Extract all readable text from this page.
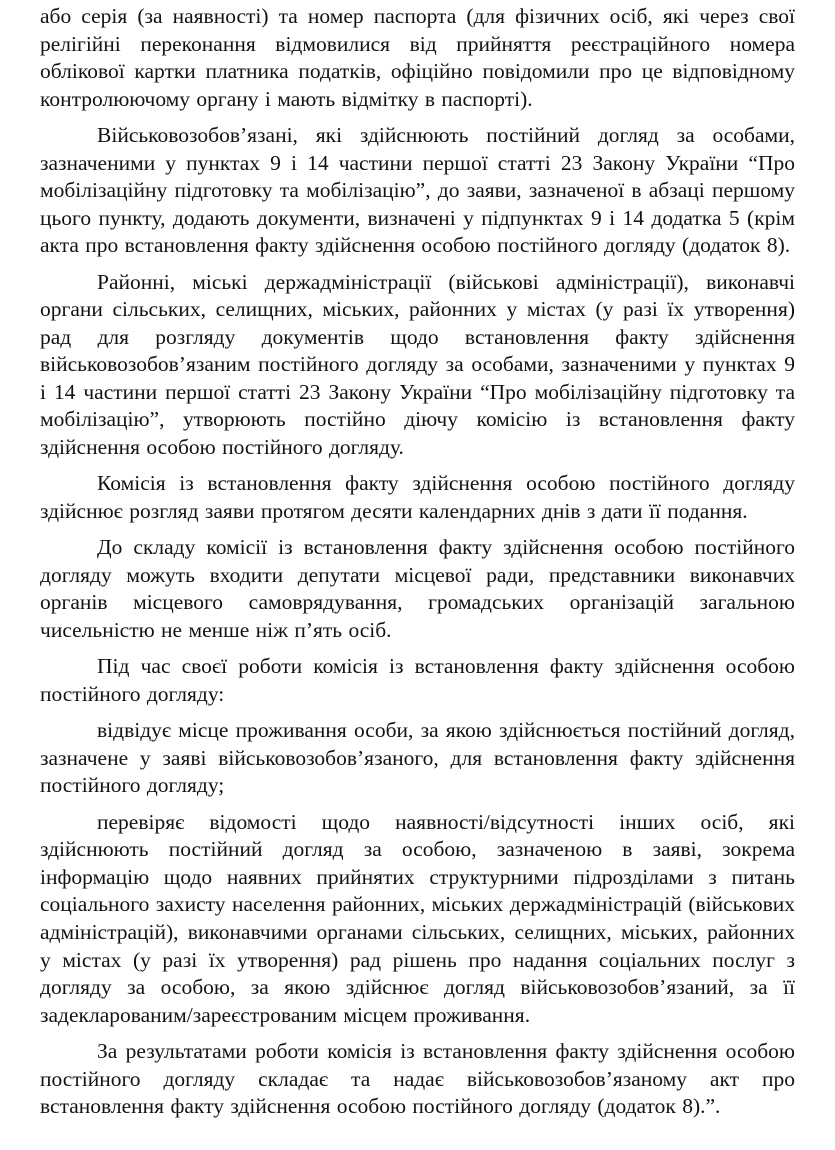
або серія (за наявності) та номер паспорта (для фізичних осіб, які через свої релігійні переконання відмовилися від прийняття реєстраційного номера облікової картки платника податків, офіційно повідомили про це відповідному контролюючому органу і мають відмітку в паспорті).

Військовозобов’язані, які здійснюють постійний догляд за особами, зазначеними у пунктах 9 і 14 частини першої статті 23 Закону України “Про мобілізаційну підготовку та мобілізацію”, до заяви, зазначеної в абзаці першому цього пункту, додають документи, визначені у підпунктах 9 і 14 додатка 5 (крім акта про встановлення факту здійснення особою постійного догляду (додаток 8).

Районні, міські держадміністрації (військові адміністрації), виконавчі органи сільських, селищних, міських, районних у містах (у разі їх утворення) рад для розгляду документів щодо встановлення факту здійснення військовозобов’язаним постійного догляду за особами, зазначеними у пунктах 9 і 14 частини першої статті 23 Закону України “Про мобілізаційну підготовку та мобілізацію”, утворюють постійно діючу комісію із встановлення факту здійснення особою постійного догляду.

Комісія із встановлення факту здійснення особою постійного догляду здійснює розгляд заяви протягом десяти календарних днів з дати її подання.

До складу комісії із встановлення факту здійснення особою постійного догляду можуть входити депутати місцевої ради, представники виконавчих органів місцевого самоврядування, громадських організацій загальною чисельністю не менше ніж п’ять осіб.

Під час своєї роботи комісія із встановлення факту здійснення особою постійного догляду:

відвідує місце проживання особи, за якою здійснюється постійний догляд, зазначене у заяві військовозобов’язаного, для встановлення факту здійснення постійного догляду;

перевіряє відомості щодо наявності/відсутності інших осіб, які здійснюють постійний догляд за особою, зазначеною в заяві, зокрема інформацію щодо наявних прийнятих структурними підрозділами з питань соціального захисту населення районних, міських держадміністрацій (військових адміністрацій), виконавчими органами сільських, селищних, міських, районних у містах (у разі їх утворення) рад рішень про надання соціальних послуг з догляду за особою, за якою здійснює догляд військовозобов’язаний, за її задекларованим/зареєстрованим місцем проживання.

За результатами роботи комісія із встановлення факту здійснення особою постійного догляду складає та надає військовозобов’язаному акт про встановлення факту здійснення особою постійного догляду (додаток 8).”.
